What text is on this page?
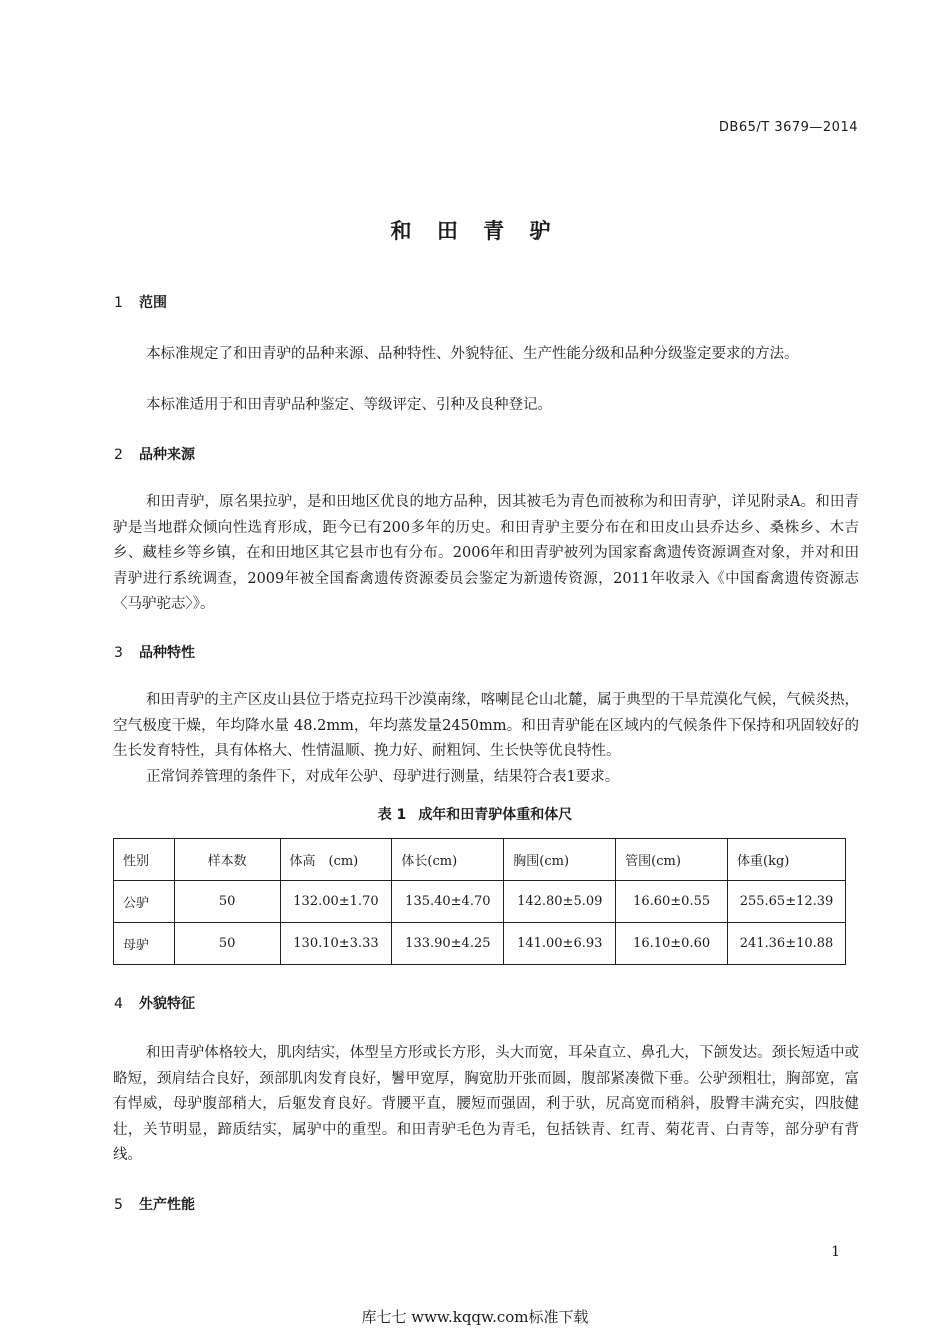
DB65/T 3679—2014
和 田 青 驴
1 范围

本标准规定了和田青驴的品种来源、品种特性、外貌特征、生产性能分级和品种分级鉴定要求的方法。

本标准适用于和田青驴品种鉴定、等级评定、引种及良种登记。

2 品种来源

和田青驴，原名果拉驴，是和田地区优良的地方品种，因其被毛为青色而被称为和田青驴，详见附录A。和田青驴是当地群众倾向性选育形成，距今已有200多年的历史。和田青驴主要分布在和田皮山县乔达乡、桑株乡、木吉乡、藏桂乡等乡镇，在和田地区其它县市也有分布。2006年和田青驴被列为国家畜禽遗传资源调查对象，并对和田青驴进行系统调查，2009年被全国畜禽遗传资源委员会鉴定为新遗传资源，2011年收录入《中国畜禽遗传资源志〈马驴驼志〉》。

3 品种特性

和田青驴的主产区皮山县位于塔克拉玛干沙漠南缘，喀喇昆仑山北麓，属于典型的干旱荒漠化气候，气候炎热，空气极度干燥，年均降水量 48.2mm，年均蒸发量2450mm。和田青驴能在区域内的气候条件下保持和巩固较好的生长发育特性，具有体格大、性情温顺、挽力好、耐粗饲、生长快等优良特性。

正常饲养管理的条件下，对成年公驴、母驴进行测量，结果符合表1要求。

表 1 成年和田青驴体重和体尺
性别	样本数	体高　(cm)	体长(cm)	胸围(cm)	管围(cm)	体重(kg)
公驴	50	132.00±1.70	135.40±4.70	142.80±5.09	16.60±0.55	255.65±12.39
母驴	50	130.10±3.33	133.90±4.25	141.00±6.93	16.10±0.60	241.36±10.88
4 外貌特征

和田青驴体格较大，肌肉结实，体型呈方形或长方形，头大而宽，耳朵直立、鼻孔大，下颌发达。颈长短适中或略短，颈肩结合良好，颈部肌肉发育良好，鬐甲宽厚，胸宽肋开张而圆，腹部紧凑微下垂。公驴颈粗壮，胸部宽，富有悍威，母驴腹部稍大，后躯发育良好。背腰平直，腰短而强固，利于驮，尻高宽而稍斜，股臀丰满充实，四肢健壮，关节明显，蹄质结实，属驴中的重型。和田青驴毛色为青毛，包括铁青、红青、菊花青、白青等，部分驴有背线。

5 生产性能
1
库七七 www.kqqw.com标准下载
